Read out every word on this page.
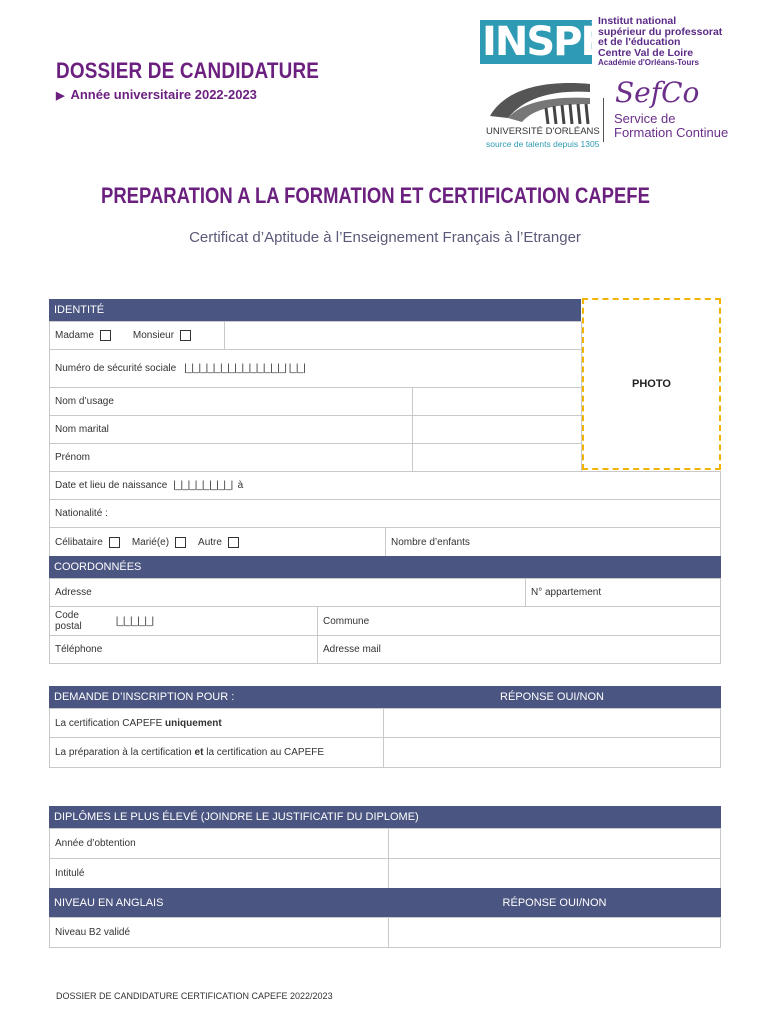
DOSSIER DE CANDIDATURE
▶ Année universitaire 2022-2023
INSPÉ
Institut national
supérieur du professorat
et de l'éducation
Centre Val de Loire
Académie d'Orléans-Tours
UNIVERSITÉ D'ORLÉANS
source de talents depuis 1305
SefCo
Service de
Formation Continue
PREPARATION A LA FORMATION ET CERTIFICATION CAPEFE
Certificat d’Aptitude à l’Enseignement Français à l’Etranger
IDENTITÉ
Madame	Monsieur
Numéro de sécurité sociale |_|_|_|_|_|_|_|_|_|_|_|_|_|_| |_|_|
PHOTO
Nom d’usage
Nom marital
Prénom
Date et lieu de naissance |_|_|_|_|_|_|_|_| à
Nationalité :
Célibataire	Marié(e)	Autre	Nombre d’enfants
COORDONNÉES
Adresse	N° appartement
Code
postal	|_|_|_|_|_|	Commune
Téléphone	Adresse mail
DEMANDE D’INSCRIPTION POUR :	RÉPONSE OUI/NON
La certification CAPEFE
uniquement
La préparation à la certification
et
la certification au CAPEFE
DIPLÔMES LE PLUS ÉLEVÉ (JOINDRE LE JUSTIFICATIF DU DIPLOME)
Année d’obtention
Intitulé
NIVEAU EN ANGLAIS	RÉPONSE OUI/NON
Niveau B2 validé
DOSSIER DE CANDIDATURE CERTIFICATION CAPEFE 2022/2023
